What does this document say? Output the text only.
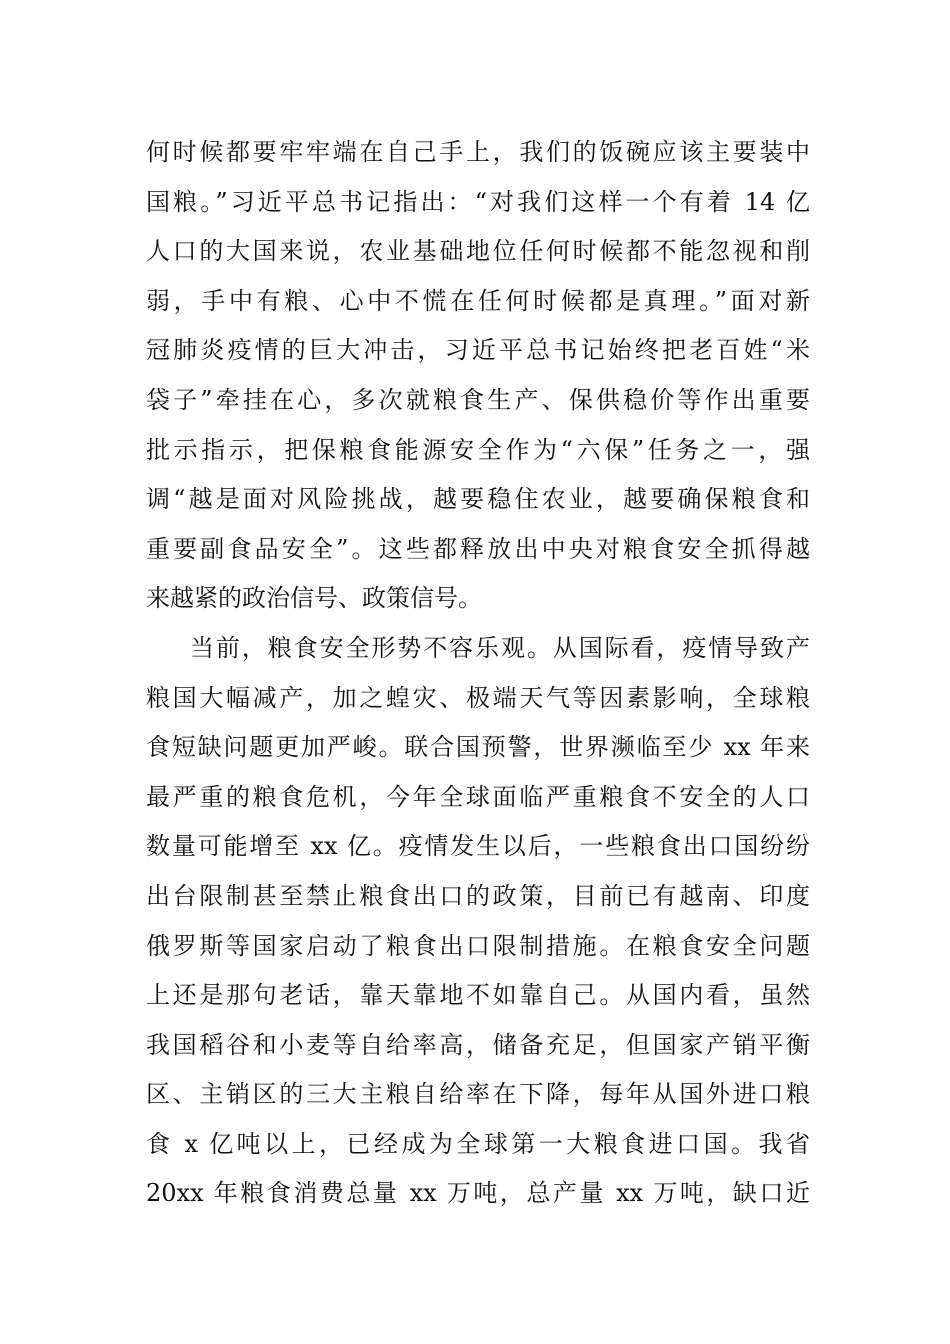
何时候都要牢牢端在自己手上，我们的饭碗应该主要装中
国粮。”习近平总书记指出：“对我们这样一个有着 14 亿
人口的大国来说，农业基础地位任何时候都不能忽视和削
弱，手中有粮、心中不慌在任何时候都是真理。”面对新
冠肺炎疫情的巨大冲击，习近平总书记始终把老百姓“米
袋子”牵挂在心，多次就粮食生产、保供稳价等作出重要
批示指示，把保粮食能源安全作为“六保”任务之一，强
调“越是面对风险挑战，越要稳住农业，越要确保粮食和
重要副食品安全”。这些都释放出中央对粮食安全抓得越
来越紧的政治信号、政策信号。
当前，粮食安全形势不容乐观。从国际看，疫情导致产
粮国大幅减产，加之蝗灾、极端天气等因素影响，全球粮
食短缺问题更加严峻。联合国预警，世界濒临至少 xx 年来
最严重的粮食危机，今年全球面临严重粮食不安全的人口
数量可能增至 xx 亿。疫情发生以后，一些粮食出口国纷纷
出台限制甚至禁止粮食出口的政策，目前已有越南、印度
俄罗斯等国家启动了粮食出口限制措施。在粮食安全问题
上还是那句老话，靠天靠地不如靠自己。从国内看，虽然
我国稻谷和小麦等自给率高，储备充足，但国家产销平衡
区、主销区的三大主粮自给率在下降，每年从国外进口粮
食 x 亿吨以上，已经成为全球第一大粮食进口国。我省
20xx 年粮食消费总量 xx 万吨，总产量 xx 万吨，缺口近
